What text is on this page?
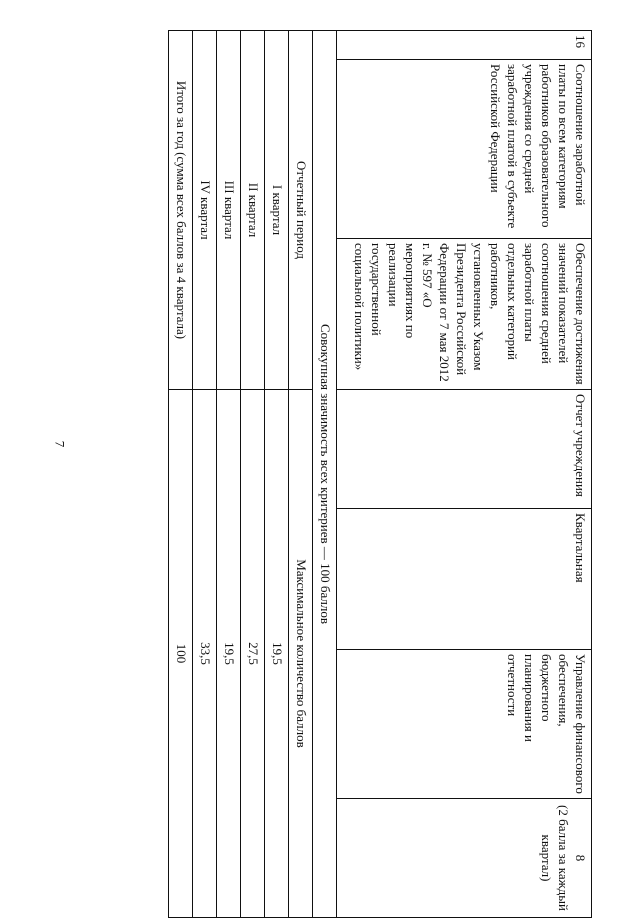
7
16	Соотношение заработной платы по всем категориям работников образовательного учреждения со средней заработной платой в субъекте Российской Федерации	Обеспечение достижения значений показателей соотношения средней заработной платы отдельных категорий работников, установленных Указом Президента Российской Федерации от 7 мая 2012 г. № 597 «О мероприятиях по реализации государственной социальной политики»	Отчет учреждения	Квартальная	Управление финансового обеспечения, бюджетного планирования и отчетности	8
(2 балла за каждый квартал)

Совокупная значимость всех критериев — 100 баллов						
Отчетный период			Максимальное количество баллов			
I квартал			19,5			
II квартал			27,5			
III квартал			19,5			
IV квартал			33,5			
Итого за год (сумма всех баллов за 4 квартала)			100			
